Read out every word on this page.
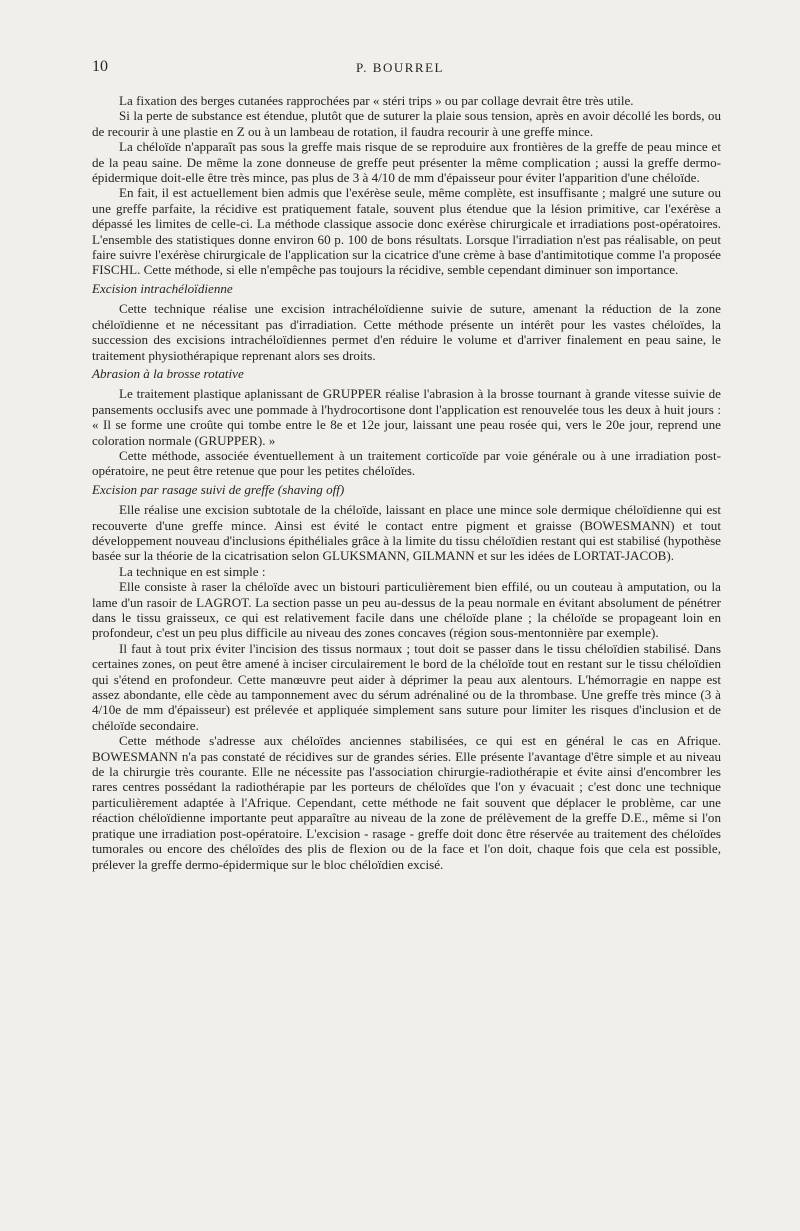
10	P. BOURREL

La fixation des berges cutanées rapprochées par « stéri trips » ou par collage devrait être très utile.

Si la perte de substance est étendue, plutôt que de suturer la plaie sous tension, après en avoir décollé les bords, ou de recourir à une plastie en Z ou à un lambeau de rotation, il faudra recourir à une greffe mince.

La chéloïde n'apparaît pas sous la greffe mais risque de se reproduire aux frontières de la greffe de peau mince et de la peau saine. De même la zone donneuse de greffe peut présenter la même complication ; aussi la greffe dermo-épidermique doit-elle être très mince, pas plus de 3 à 4/10 de mm d'épaisseur pour éviter l'apparition d'une chéloïde.

En fait, il est actuellement bien admis que l'exérèse seule, même complète, est insuffisante ; malgré une suture ou une greffe parfaite, la récidive est pratiquement fatale, souvent plus étendue que la lésion primitive, car l'exérèse a dépassé les limites de celle-ci. La méthode classique associe donc exérèse chirurgicale et irradiations post-opératoires. L'ensemble des statistiques donne environ 60 p. 100 de bons résultats. Lorsque l'irradiation n'est pas réalisable, on peut faire suivre l'exérèse chirurgicale de l'application sur la cicatrice d'une crème à base d'antimitotique comme l'a proposée FISCHL. Cette méthode, si elle n'empêche pas toujours la récidive, semble cependant diminuer son importance.

Excision intrachéloïdienne

Cette technique réalise une excision intrachéloïdienne suivie de suture, amenant la réduction de la zone chéloïdienne et ne nécessitant pas d'irradiation. Cette méthode présente un intérêt pour les vastes chéloïdes, la succession des excisions intrachéloïdiennes permet d'en réduire le volume et d'arriver finalement en peau saine, le traitement physiothérapique reprenant alors ses droits.

Abrasion à la brosse rotative

Le traitement plastique aplanissant de GRUPPER réalise l'abrasion à la brosse tournant à grande vitesse suivie de pansements occlusifs avec une pommade à l'hydrocortisone dont l'application est renouvelée tous les deux à huit jours : « Il se forme une croûte qui tombe entre le 8e et 12e jour, laissant une peau rosée qui, vers le 20e jour, reprend une coloration normale (GRUPPER). »

Cette méthode, associée éventuellement à un traitement corticoïde par voie générale ou à une irradiation post-opératoire, ne peut être retenue que pour les petites chéloïdes.

Excision par rasage suivi de greffe (shaving off)

Elle réalise une excision subtotale de la chéloïde, laissant en place une mince sole dermique chéloïdienne qui est recouverte d'une greffe mince. Ainsi est évité le contact entre pigment et graisse (BOWESMANN) et tout développement nouveau d'inclusions épithéliales grâce à la limite du tissu chéloïdien restant qui est stabilisé (hypothèse basée sur la théorie de la cicatrisation selon GLUKSMANN, GILMANN et sur les idées de LORTAT-JACOB).

La technique en est simple :

Elle consiste à raser la chéloïde avec un bistouri particulièrement bien effilé, ou un couteau à amputation, ou la lame d'un rasoir de LAGROT. La section passe un peu au-dessus de la peau normale en évitant absolument de pénétrer dans le tissu graisseux, ce qui est relativement facile dans une chéloïde plane ; la chéloïde se propageant loin en profondeur, c'est un peu plus difficile au niveau des zones concaves (région sous-mentonnière par exemple).

Il faut à tout prix éviter l'incision des tissus normaux ; tout doit se passer dans le tissu chéloïdien stabilisé. Dans certaines zones, on peut être amené à inciser circulairement le bord de la chéloïde tout en restant sur le tissu chéloïdien qui s'étend en profondeur. Cette manœuvre peut aider à déprimer la peau aux alentours. L'hémorragie en nappe est assez abondante, elle cède au tamponnement avec du sérum adrénaliné ou de la thrombase. Une greffe très mince (3 à 4/10e de mm d'épaisseur) est prélevée et appliquée simplement sans suture pour limiter les risques d'inclusion et de chéloïde secondaire.

Cette méthode s'adresse aux chéloïdes anciennes stabilisées, ce qui est en général le cas en Afrique. BOWESMANN n'a pas constaté de récidives sur de grandes séries. Elle présente l'avantage d'être simple et au niveau de la chirurgie très courante. Elle ne nécessite pas l'association chirurgie-radiothérapie et évite ainsi d'encombrer les rares centres possédant la radiothérapie par les porteurs de chéloïdes que l'on y évacuait ; c'est donc une technique particulièrement adaptée à l'Afrique. Cependant, cette méthode ne fait souvent que déplacer le problème, car une réaction chéloïdienne importante peut apparaître au niveau de la zone de prélèvement de la greffe D.E., même si l'on pratique une irradiation post-opératoire. L'excision - rasage - greffe doit donc être réservée au traitement des chéloïdes tumorales ou encore des chéloïdes des plis de flexion ou de la face et l'on doit, chaque fois que cela est possible, prélever la greffe dermo-épidermique sur le bloc chéloïdien excisé.
